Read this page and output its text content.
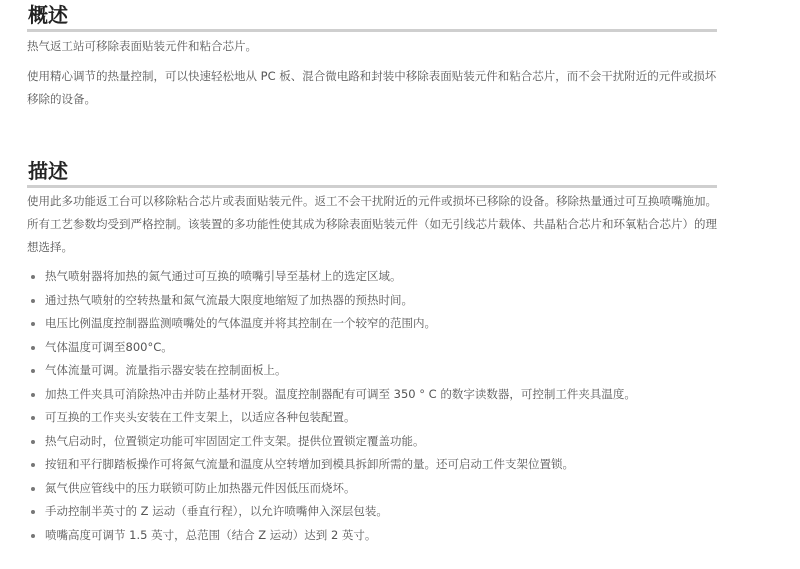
概述

热气返工站可移除表面贴装元件和粘合芯片。

使用精心调节的热量控制，可以快速轻松地从 PC 板、混合微电路和封装中移除表面贴装元件和粘合芯片，而不会干扰附近的元件或损坏移除的设备。

描述

使用此多功能返工台可以移除粘合芯片或表面贴装元件。返工不会干扰附近的元件或损坏已移除的设备。移除热量通过可互换喷嘴施加。所有工艺参数均受到严格控制。该装置的多功能性使其成为移除表面贴装元件（如无引线芯片载体、共晶粘合芯片和环氧粘合芯片）的理想选择。

热气喷射器将加热的氮气通过可互换的喷嘴引导至基材上的选定区域。
通过热气喷射的空转热量和氮气流最大限度地缩短了加热器的预热时间。
电压比例温度控制器监测喷嘴处的气体温度并将其控制在一个较窄的范围内。
气体温度可调至800°C。
气体流量可调。流量指示器安装在控制面板上。
加热工件夹具可消除热冲击并防止基材开裂。温度控制器配有可调至 350 ° C 的数字读数器，可控制工件夹具温度。
可互换的工作夹头安装在工件支架上，以适应各种包装配置。
热气启动时，位置锁定功能可牢固固定工件支架。提供位置锁定覆盖功能。
按钮和平行脚踏板操作可将氮气流量和温度从空转增加到模具拆卸所需的量。还可启动工件支架位置锁。
氮气供应管线中的压力联锁可防止加热器元件因低压而烧坏。
手动控制半英寸的 Z 运动（垂直行程），以允许喷嘴伸入深层包装。
喷嘴高度可调节 1.5 英寸，总范围（结合 Z 运动）达到 2 英寸。
